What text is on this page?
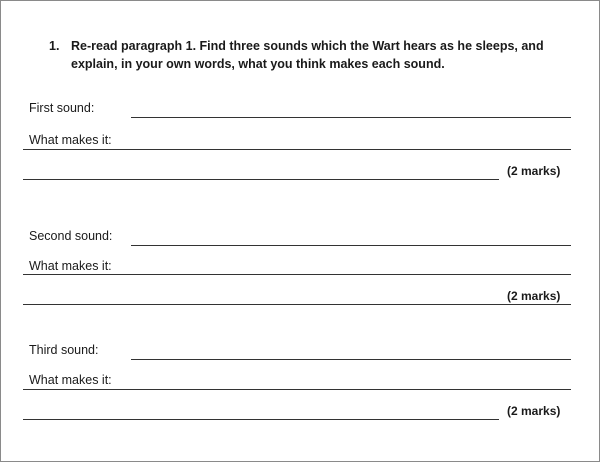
1. Re-read paragraph 1. Find three sounds which the Wart hears as he sleeps, and explain, in your own words, what you think makes each sound.
First sound:
What makes it:
(2 marks)
Second sound:
What makes it:
(2 marks)
Third sound:
What makes it:
(2 marks)
